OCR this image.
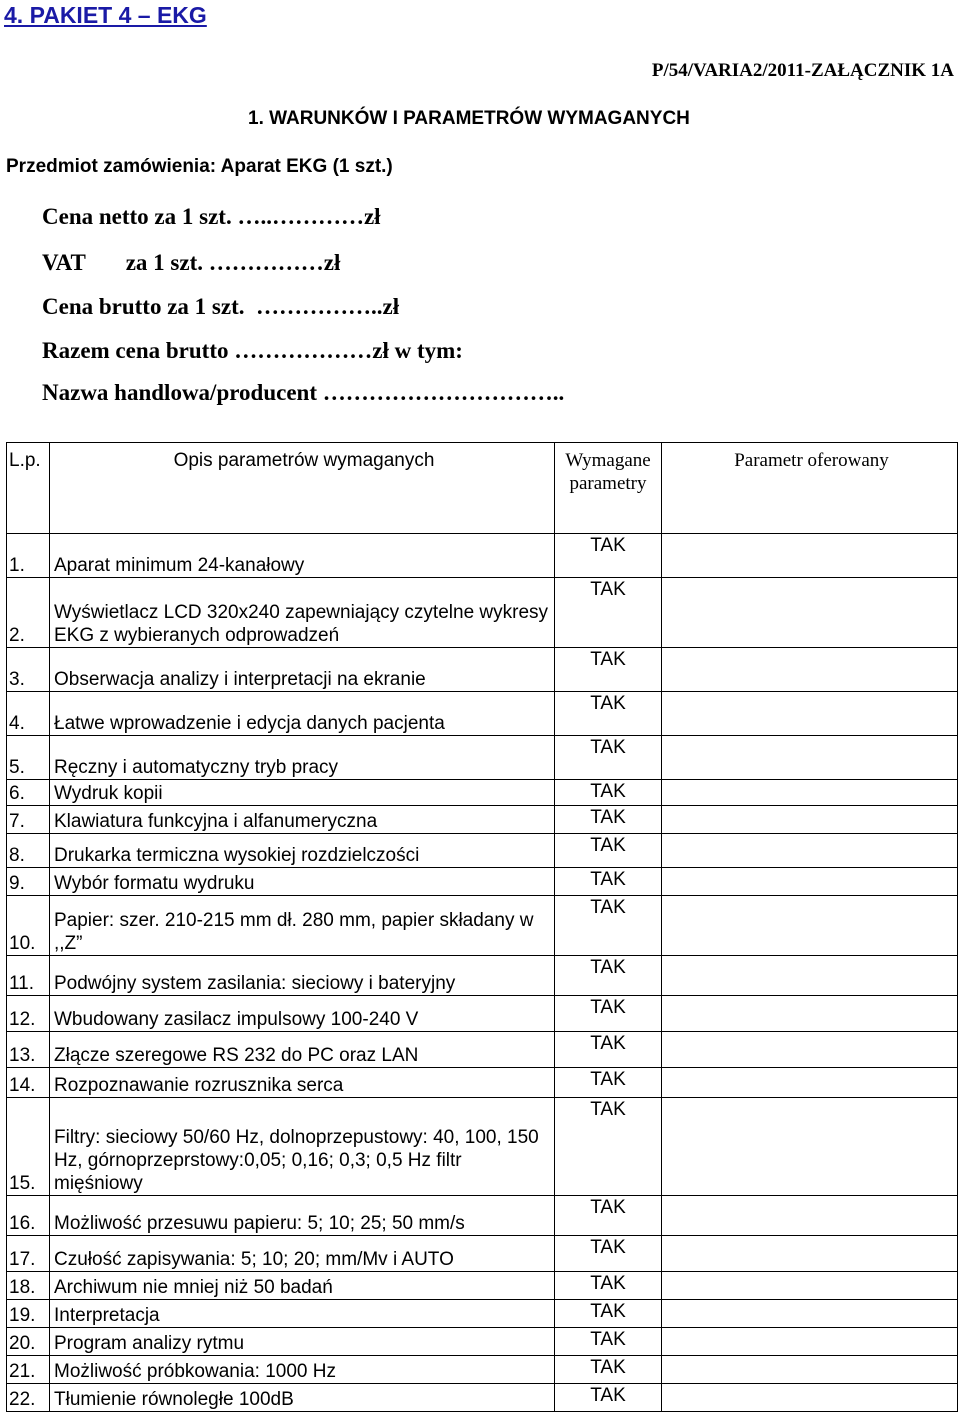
4. PAKIET 4 – EKG
P/54/VARIA2/2011-ZAŁĄCZNIK 1A
1. WARUNKÓW I PARAMETRÓW WYMAGANYCH
Przedmiot zamówienia: Aparat EKG (1 szt.)
Cena netto za 1 szt. …..…………zł
VAT       za 1 szt. ……………zł
Cena brutto za 1 szt.  ……………..zł
Razem cena brutto ………………zł w tym:
Nazwa handlowa/producent …………………………..
L.p.	Opis parametrów wymaganych	Wymagane parametry	Parametr oferowany
1.	Aparat minimum 24-kanałowy	TAK	
2.	Wyświetlacz LCD 320x240 zapewniający czytelne wykresy EKG z wybieranych odprowadzeń	TAK	
3.	Obserwacja analizy i interpretacji na ekranie	TAK	
4.	Łatwe wprowadzenie i edycja danych pacjenta	TAK	
5.	Ręczny i automatyczny tryb pracy	TAK	
6.	Wydruk kopii	TAK	
7.	Klawiatura funkcyjna i alfanumeryczna	TAK	
8.	Drukarka termiczna wysokiej rozdzielczości	TAK	
9.	Wybór formatu wydruku	TAK	
10.	Papier: szer. 210-215 mm dł. 280 mm, papier składany w ,,Z”	TAK	
11.	Podwójny system zasilania: sieciowy i bateryjny	TAK	
12.	Wbudowany zasilacz impulsowy 100-240 V	TAK	
13.	Złącze szeregowe RS 232 do PC oraz LAN	TAK	
14.	Rozpoznawanie rozrusznika serca	TAK	
15.	Filtry: sieciowy 50/60 Hz, dolnoprzepustowy: 40, 100, 150 Hz, górnoprzeprstowy:0,05; 0,16; 0,3; 0,5 Hz filtr mięśniowy	TAK	
16.	Możliwość przesuwu papieru: 5; 10; 25; 50 mm/s	TAK	
17.	Czułość zapisywania: 5; 10; 20; mm/Mv i AUTO	TAK	
18.	Archiwum nie mniej niż 50 badań	TAK	
19.	Interpretacja	TAK	
20.	Program analizy rytmu	TAK	
21.	Możliwość próbkowania: 1000 Hz	TAK	
22.	Tłumienie równoległe 100dB	TAK	
